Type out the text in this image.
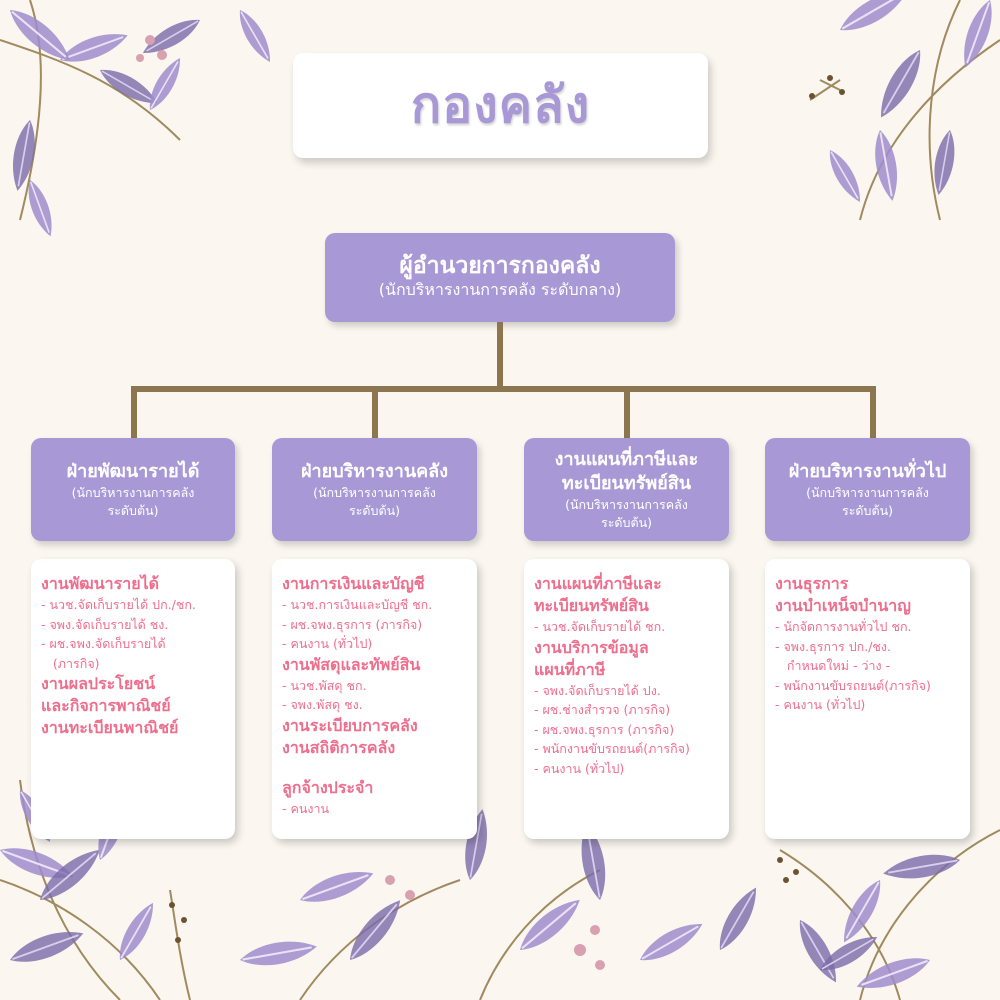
กองคลัง
ผู้อำนวยการกองคลัง
(นักบริหารงานการคลัง ระดับกลาง)
ฝ่ายพัฒนารายได้
(นักบริหารงานการคลัง
ระดับต้น)
ฝ่ายบริหารงานคลัง
(นักบริหารงานการคลัง
ระดับต้น)
งานแผนที่ภาษีและ
ทะเบียนทรัพย์สิน
(นักบริหารงานการคลัง
ระดับต้น)
ฝ่ายบริหารงานทั่วไป
(นักบริหารงานการคลัง
ระดับต้น)
งานพัฒนารายได้
- นวช.จัดเก็บรายได้ ปก./ชก.
- จพง.จัดเก็บรายได้ ชง.
- ผช.จพง.จัดเก็บรายได้
(ภารกิจ)
งานผลประโยชน์
และกิจการพาณิชย์
งานทะเบียนพาณิชย์
งานการเงินและบัญชี
- นวช.การเงินและบัญชี ชก.
- ผช.จพง.ธุรการ (ภารกิจ)
- คนงาน (ทั่วไป)
งานพัสดุและทัพย์สิน
- นวช.พัสดุ ชก.
- จพง.พัสดุ ชง.
งานระเบียบการคลัง
งานสถิติการคลัง
ลูกจ้างประจำ
- คนงาน
งานแผนที่ภาษีและ
ทะเบียนทรัพย์สิน
- นวช.จัดเก็บรายได้ ชก.
งานบริการข้อมูล
แผนที่ภาษี
- จพง.จัดเก็บรายได้ ปง.
- ผช.ช่างสำรวจ (ภารกิจ)
- ผช.จพง.ธุรการ (ภารกิจ)
- พนักงานขับรถยนต์(ภารกิจ)
- คนงาน (ทั่วไป)
งานธุรการ
งานบำเหน็จบำนาญ
- นักจัดการงานทั่วไป ชก.
- จพง.ธุรการ ปก./ชง.
กำหนดใหม่ - ว่าง -
- พนักงานขับรถยนต์(ภารกิจ)
- คนงาน (ทั่วไป)
